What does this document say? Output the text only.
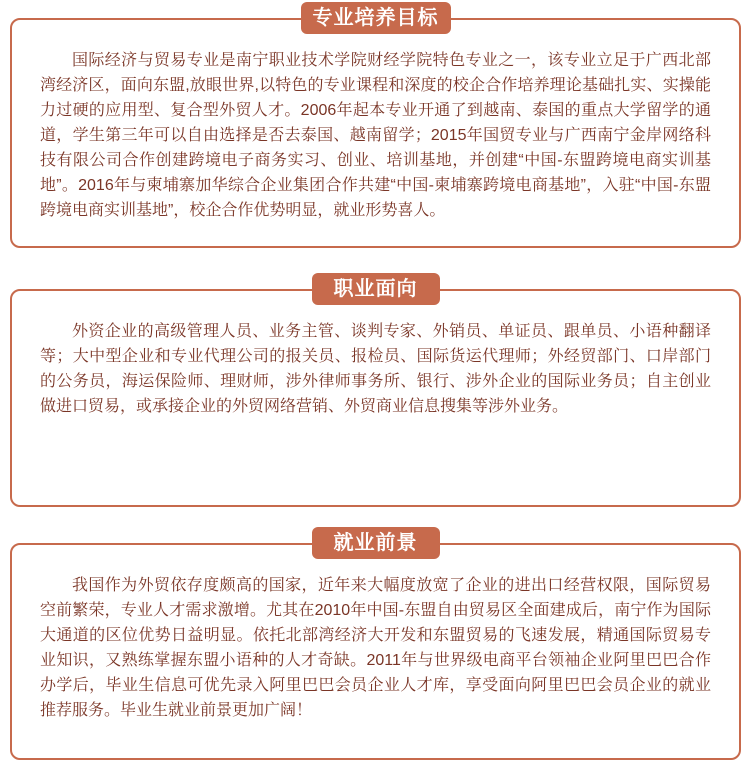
专业培养目标

国际经济与贸易专业是南宁职业技术学院财经学院特色专业之一，该专业立足于广西北部湾经济区，面向东盟,放眼世界,以特色的专业课程和深度的校企合作培养理论基础扎实、实操能力过硬的应用型、复合型外贸人才。2006年起本专业开通了到越南、泰国的重点大学留学的通道，学生第三年可以自由选择是否去泰国、越南留学；2015年国贸专业与广西南宁金岸网络科技有限公司合作创建跨境电子商务实习、创业、培训基地，并创建“中国-东盟跨境电商实训基地”。2016年与柬埔寨加华综合企业集团合作共建“中国-柬埔寨跨境电商基地”，入驻“中国-东盟跨境电商实训基地”，校企合作优势明显，就业形势喜人。

职业面向

外资企业的高级管理人员、业务主管、谈判专家、外销员、单证员、跟单员、小语种翻译等；大中型企业和专业代理公司的报关员、报检员、国际货运代理师；外经贸部门、口岸部门的公务员，海运保险师、理财师，涉外律师事务所、银行、涉外企业的国际业务员；自主创业做进口贸易，或承接企业的外贸网络营销、外贸商业信息搜集等涉外业务。

就业前景

我国作为外贸依存度颇高的国家，近年来大幅度放宽了企业的进出口经营权限，国际贸易空前繁荣，专业人才需求激增。尤其在2010年中国-东盟自由贸易区全面建成后，南宁作为国际大通道的区位优势日益明显。依托北部湾经济大开发和东盟贸易的飞速发展，精通国际贸易专业知识，又熟练掌握东盟小语种的人才奇缺。2011年与世界级电商平台领袖企业阿里巴巴合作办学后，毕业生信息可优先录入阿里巴巴会员企业人才库，享受面向阿里巴巴会员企业的就业推荐服务。毕业生就业前景更加广阔！
